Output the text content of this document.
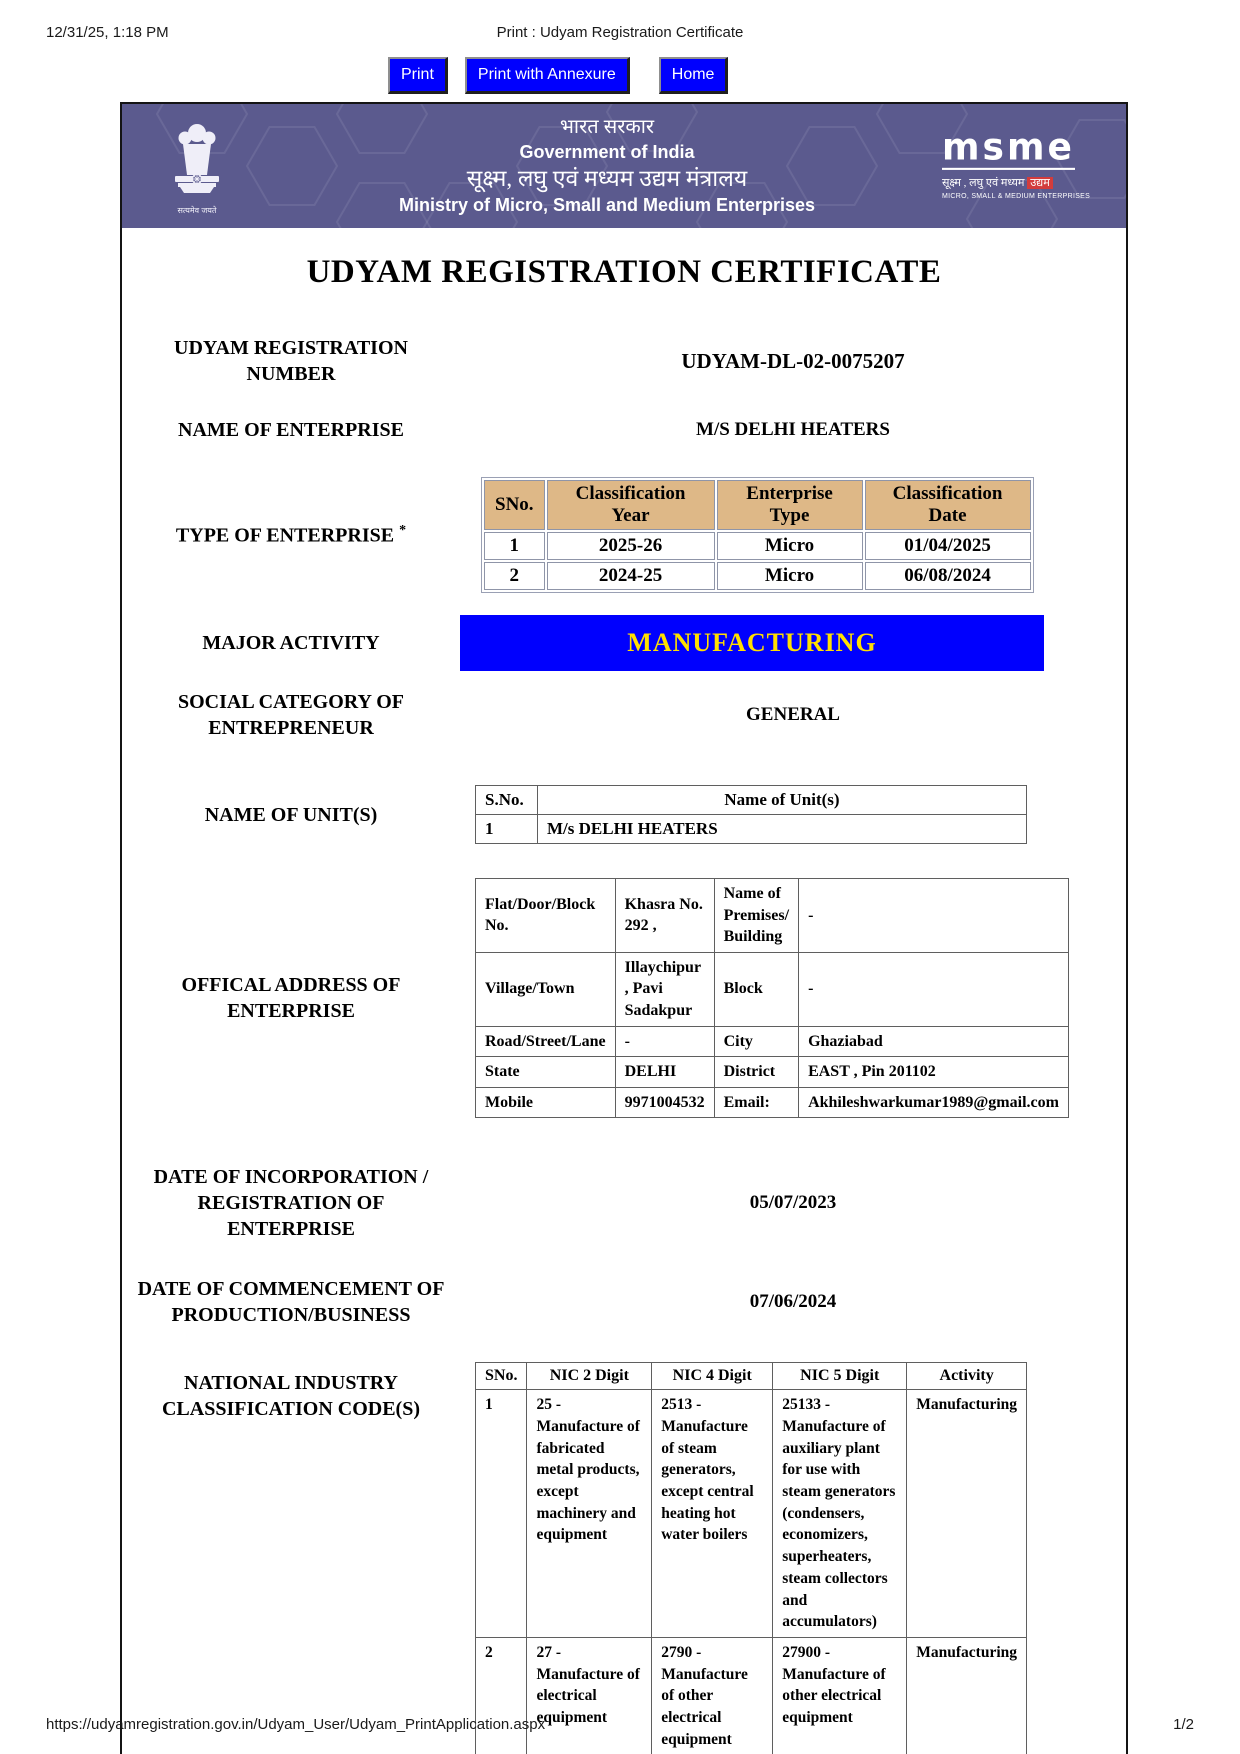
12/31/25, 1:18 PM	Print : Udyam Registration Certificate
Print	Print with Annexure	Home
सत्यमेव जयते
भारत सरकार
Government of India
सूक्ष्म, लघु एवं मध्यम उद्यम मंत्रालय
Ministry of Micro, Small and Medium Enterprises
msme
सूक्ष्म , लघु एवं मध्यम उद्यम
MICRO, SMALL & MEDIUM ENTERPRISES
UDYAM REGISTRATION CERTIFICATE
UDYAM REGISTRATION NUMBER
UDYAM-DL-02-0075207
NAME OF ENTERPRISE	M/S DELHI HEATERS
TYPE OF ENTERPRISE *
SNo.	Classification Year	Enterprise Type	Classification Date
1	2025-26	Micro	01/04/2025
2	2024-25	Micro	06/08/2024
MAJOR ACTIVITY	MANUFACTURING
SOCIAL CATEGORY OF ENTREPRENEUR
GENERAL
NAME OF UNIT(S)
S.No.	Name of Unit(s)
1	M/s DELHI HEATERS
OFFICAL ADDRESS OF ENTERPRISE
Flat/Door/Block No.	Khasra No. 292 ,	Name of Premises/ Building	-
Village/Town	Illaychipur , Pavi Sadakpur	Block	-
Road/Street/Lane	-	City	Ghaziabad
State	DELHI	District	EAST , Pin 201102
Mobile	9971004532	Email:	Akhileshwarkumar1989@gmail.com
DATE OF INCORPORATION / REGISTRATION OF ENTERPRISE
05/07/2023
DATE OF COMMENCEMENT OF PRODUCTION/BUSINESS
07/06/2024
NATIONAL INDUSTRY CLASSIFICATION CODE(S)
SNo.	NIC 2 Digit	NIC 4 Digit	NIC 5 Digit	Activity
1	25 - Manufacture of fabricated metal products, except machinery and equipment	2513 - Manufacture of steam generators, except central heating hot water boilers	25133 - Manufacture of auxiliary plant for use with steam generators (condensers, economizers, superheaters, steam collectors and accumulators)	Manufacturing
2	27 - Manufacture of electrical equipment	2790 - Manufacture of other electrical equipment	27900 - Manufacture of other electrical equipment	Manufacturing
https://udyamregistration.gov.in/Udyam_User/Udyam_PrintApplication.aspx	1/2
